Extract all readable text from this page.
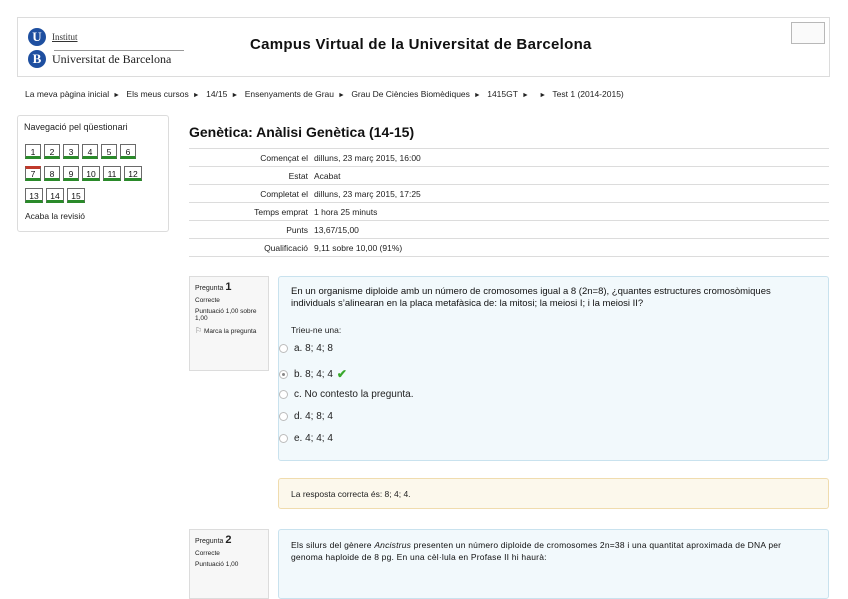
U	Institut
B Universitat de Barcelona
Campus Virtual de la Universitat de Barcelona
La meva pàgina inicial ► Els meus cursos ► 14/15 ► Ensenyaments de Grau ► Grau De Ciències Biomèdiques ► 1415GT ► ► Test 1 (2014-2015)
Navegació pel qüestionari
1 2 3 4 5 6
7 8 9 10 11 12
13 14 15
Acaba la revisió
Genètica: Anàlisi Genètica (14-15)
Començat el	dilluns, 23 març 2015, 16:00
Estat	Acabat
Completat el	dilluns, 23 març 2015, 17:25
Temps emprat	1 hora 25 minuts
Punts	13,67/15,00
Qualificació	9,11 sobre 10,00 (91%)
Pregunta 1
Correcte
Puntuació 1,00 sobre 1,00
⚐ Marca la pregunta
En un organisme diploide amb un número de cromosomes igual a 8 (2n=8), ¿quantes estructures cromosòmiques individuals s’alinearan en la placa metafàsica de: la mitosi; la meiosi I; i la meiosi II?
Trieu-ne una:
a. 8; 4; 8
b. 8; 4; 4 ✔
c. No contesto la pregunta.
d. 4; 8; 4
e. 4; 4; 4
La resposta correcta és: 8; 4; 4.
Pregunta 2
Correcte
Puntuació 1,00
Els silurs del gènere Ancistrus presenten un número diploide de cromosomes 2n=38 i una quantitat aproximada de DNA per genoma haploide de 8 pg. En una cèl·lula en Profase II hi haurà:
